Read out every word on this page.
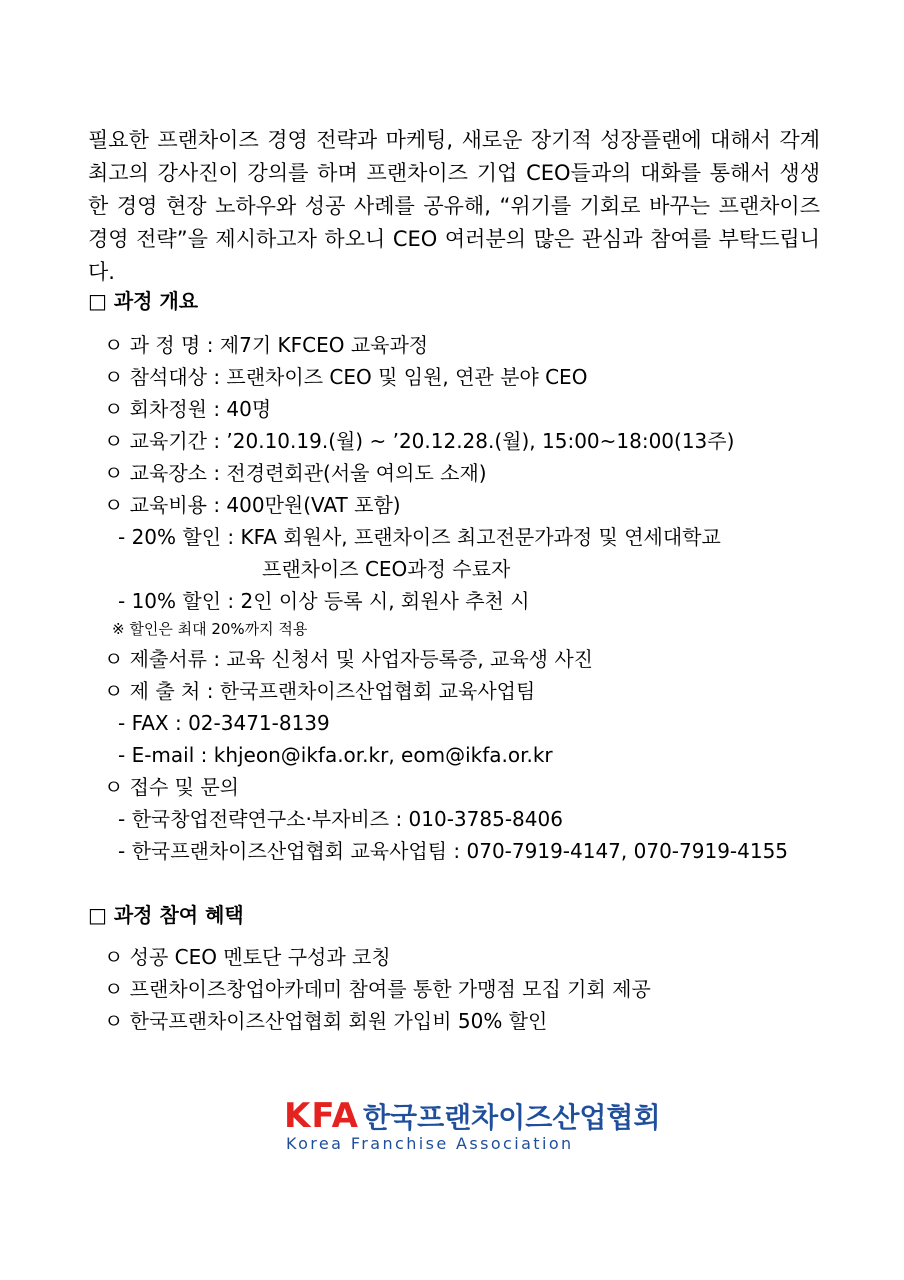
필요한 프랜차이즈 경영 전략과 마케팅, 새로운 장기적 성장플랜에 대해서 각계 최고의 강사진이 강의를 하며 프랜차이즈 기업 CEO들과의 대화를 통해서 생생한 경영 현장 노하우와 성공 사례를 공유해, “위기를 기회로 바꾸는 프랜차이즈 경영 전략”을 제시하고자 하오니 CEO 여러분의 많은 관심과 참여를 부탁드립니다.

□ 과정 개요
ㅇ 과 정 명 : 제7기 KFCEO 교육과정
ㅇ 참석대상 : 프랜차이즈 CEO 및 임원, 연관 분야 CEO
ㅇ 회차정원 : 40명
ㅇ 교육기간 : ’20.10.19.(월) ~ ’20.12.28.(월), 15:00~18:00(13주)
ㅇ 교육장소 : 전경련회관(서울 여의도 소재)
ㅇ 교육비용 : 400만원(VAT 포함)
- 20% 할인 : KFA 회원사, 프랜차이즈 최고전문가과정 및 연세대학교
프랜차이즈 CEO과정 수료자
- 10% 할인 : 2인 이상 등록 시, 회원사 추천 시
※ 할인은 최대 20%까지 적용
ㅇ 제출서류 : 교육 신청서 및 사업자등록증, 교육생 사진
ㅇ 제 출 처 : 한국프랜차이즈산업협회 교육사업팀
- FAX : 02-3471-8139
- E-mail : khjeon@ikfa.or.kr, eom@ikfa.or.kr
ㅇ 접수 및 문의
- 한국창업전략연구소·부자비즈 : 010-3785-8406
- 한국프랜차이즈산업협회 교육사업팀 : 070-7919-4147, 070-7919-4155
□ 과정 참여 혜택
ㅇ 성공 CEO 멘토단 구성과 코칭
ㅇ 프랜차이즈창업아카데미 참여를 통한 가맹점 모집 기회 제공
ㅇ 한국프랜차이즈산업협회 회원 가입비 50% 할인
KFA 한국프랜차이즈산업협회
Korea Franchise Association
